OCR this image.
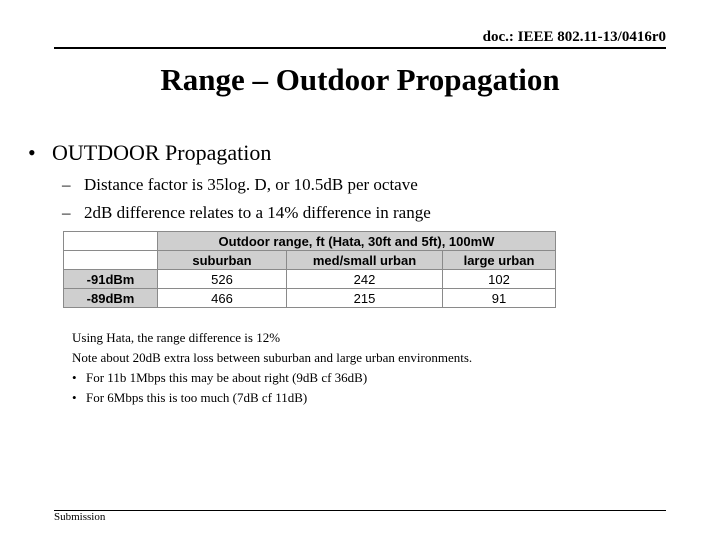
doc.: IEEE 802.11-13/0416r0
Range – Outdoor Propagation
• OUTDOOR Propagation
– Distance factor is 35log. D, or 10.5dB per octave
– 2dB difference relates to a 14% difference in range
	Outdoor range, ft (Hata, 30ft and 5ft), 100mW		
	suburban	med/small urban	large urban
-91dBm	526	242	102
-89dBm	466	215	91
Using Hata, the range difference is 12%
Note about 20dB extra loss between suburban and large urban environments.
• For 11b 1Mbps this may be about right (9dB cf 36dB)
• For 6Mbps this is too much (7dB cf 11dB)
Submission
